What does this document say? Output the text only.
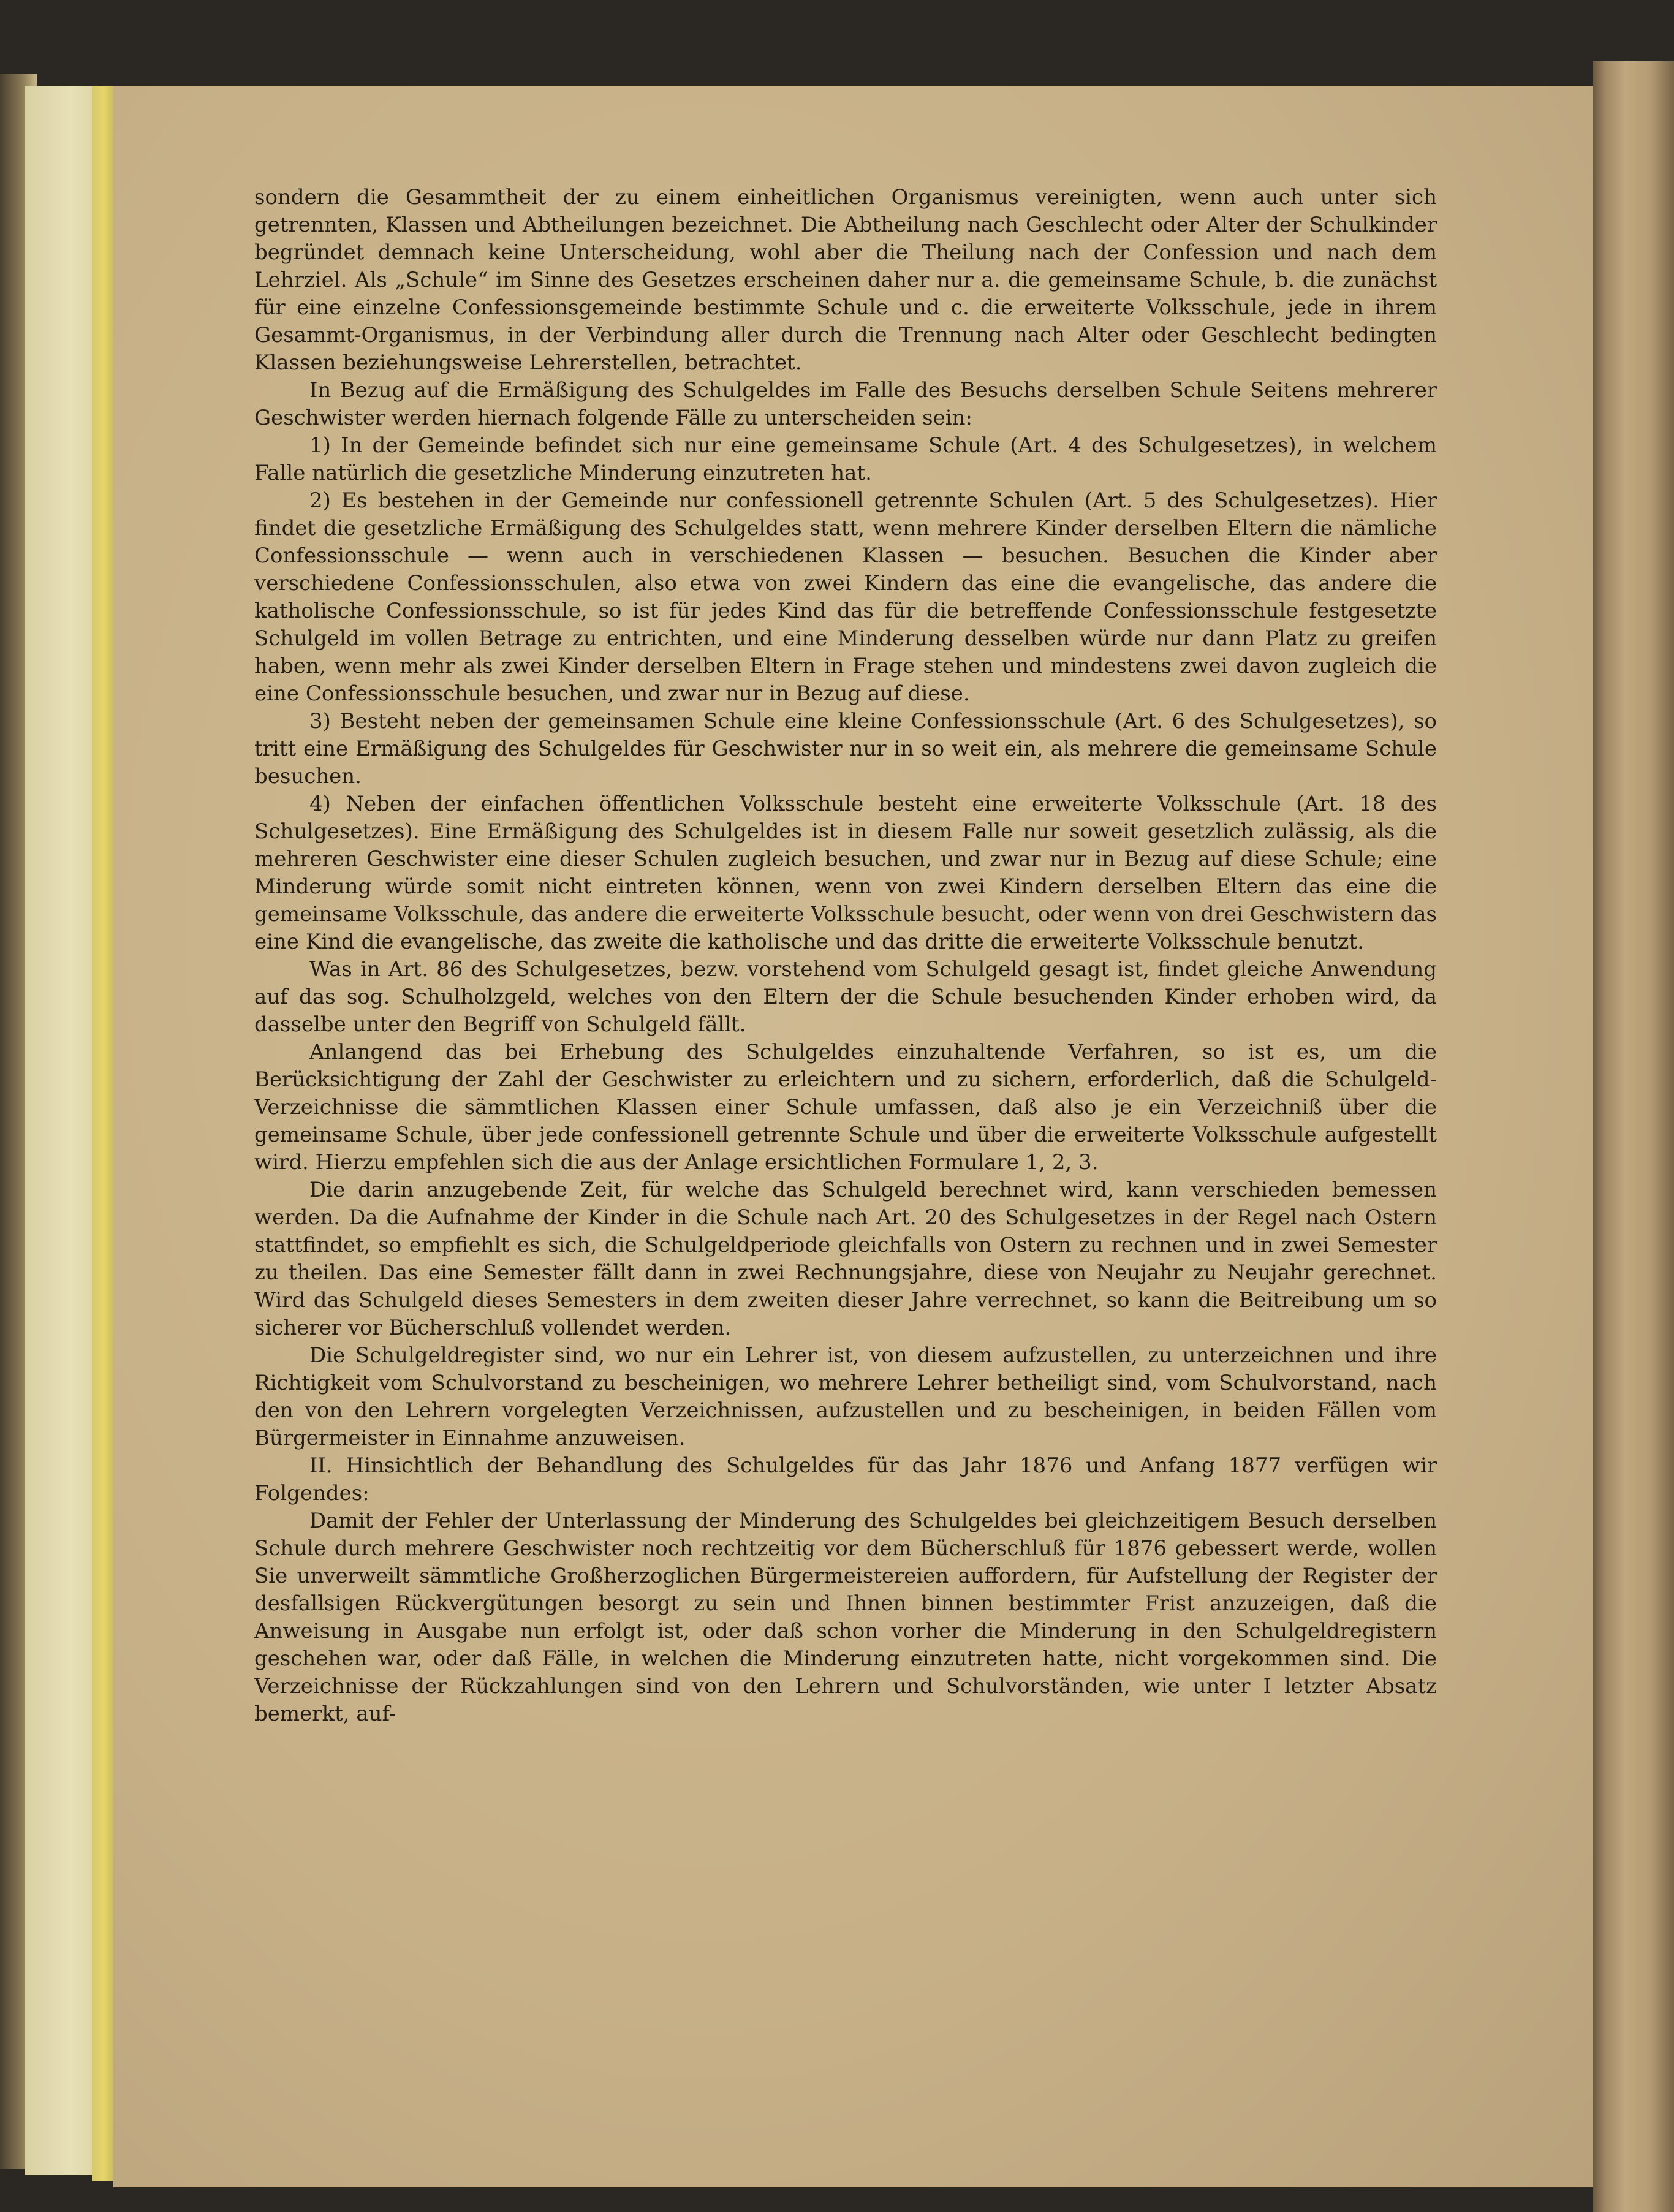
sondern die Gesammtheit der zu einem einheitlichen Organismus vereinigten, wenn auch unter sich getrennten, Klassen und Abtheilungen bezeichnet. Die Abtheilung nach Geschlecht oder Alter der Schulkinder begründet demnach keine Unterscheidung, wohl aber die Theilung nach der Confession und nach dem Lehrziel. Als „Schule“ im Sinne des Gesetzes erscheinen daher nur a. die gemeinsame Schule, b. die zunächst für eine einzelne Confessionsgemeinde bestimmte Schule und c. die erweiterte Volksschule, jede in ihrem Gesammt-Organismus, in der Verbindung aller durch die Trennung nach Alter oder Geschlecht bedingten Klassen beziehungsweise Lehrerstellen, betrachtet.

In Bezug auf die Ermäßigung des Schulgeldes im Falle des Besuchs derselben Schule Seitens mehrerer Geschwister werden hiernach folgende Fälle zu unterscheiden sein:

1) In der Gemeinde befindet sich nur eine gemeinsame Schule (Art. 4 des Schulgesetzes), in welchem Falle natürlich die gesetzliche Minderung einzutreten hat.

2) Es bestehen in der Gemeinde nur confessionell getrennte Schulen (Art. 5 des Schulgesetzes). Hier findet die gesetzliche Ermäßigung des Schulgeldes statt, wenn mehrere Kinder derselben Eltern die nämliche Confessionsschule — wenn auch in verschiedenen Klassen — besuchen. Besuchen die Kinder aber verschiedene Confessionsschulen, also etwa von zwei Kindern das eine die evangelische, das andere die katholische Confessionsschule, so ist für jedes Kind das für die betreffende Confessionsschule festgesetzte Schulgeld im vollen Betrage zu entrichten, und eine Minderung desselben würde nur dann Platz zu greifen haben, wenn mehr als zwei Kinder derselben Eltern in Frage stehen und mindestens zwei davon zugleich die eine Confessionsschule besuchen, und zwar nur in Bezug auf diese.

3) Besteht neben der gemeinsamen Schule eine kleine Confessionsschule (Art. 6 des Schulgesetzes), so tritt eine Ermäßigung des Schulgeldes für Geschwister nur in so weit ein, als mehrere die gemeinsame Schule besuchen.

4) Neben der einfachen öffentlichen Volksschule besteht eine erweiterte Volksschule (Art. 18 des Schulgesetzes). Eine Ermäßigung des Schulgeldes ist in diesem Falle nur soweit gesetzlich zulässig, als die mehreren Geschwister eine dieser Schulen zugleich besuchen, und zwar nur in Bezug auf diese Schule; eine Minderung würde somit nicht eintreten können, wenn von zwei Kindern derselben Eltern das eine die gemeinsame Volksschule, das andere die erweiterte Volksschule besucht, oder wenn von drei Geschwistern das eine Kind die evangelische, das zweite die katholische und das dritte die erweiterte Volksschule benutzt.

Was in Art. 86 des Schulgesetzes, bezw. vorstehend vom Schulgeld gesagt ist, findet gleiche Anwendung auf das sog. Schulholzgeld, welches von den Eltern der die Schule besuchenden Kinder erhoben wird, da dasselbe unter den Begriff von Schulgeld fällt.

Anlangend das bei Erhebung des Schulgeldes einzuhaltende Verfahren, so ist es, um die Berücksichtigung der Zahl der Geschwister zu erleichtern und zu sichern, erforderlich, daß die Schulgeld-Verzeichnisse die sämmtlichen Klassen einer Schule umfassen, daß also je ein Verzeichniß über die gemeinsame Schule, über jede confessionell getrennte Schule und über die erweiterte Volksschule aufgestellt wird. Hierzu empfehlen sich die aus der Anlage ersichtlichen Formulare 1, 2, 3.

Die darin anzugebende Zeit, für welche das Schulgeld berechnet wird, kann verschieden bemessen werden. Da die Aufnahme der Kinder in die Schule nach Art. 20 des Schulgesetzes in der Regel nach Ostern stattfindet, so empfiehlt es sich, die Schulgeldperiode gleichfalls von Ostern zu rechnen und in zwei Semester zu theilen. Das eine Semester fällt dann in zwei Rechnungsjahre, diese von Neujahr zu Neujahr gerechnet. Wird das Schulgeld dieses Semesters in dem zweiten dieser Jahre verrechnet, so kann die Beitreibung um so sicherer vor Bücherschluß vollendet werden.

Die Schulgeldregister sind, wo nur ein Lehrer ist, von diesem aufzustellen, zu unterzeichnen und ihre Richtigkeit vom Schulvorstand zu bescheinigen, wo mehrere Lehrer betheiligt sind, vom Schulvorstand, nach den von den Lehrern vorgelegten Verzeichnissen, aufzustellen und zu bescheinigen, in beiden Fällen vom Bürgermeister in Einnahme anzuweisen.

II. Hinsichtlich der Behandlung des Schulgeldes für das Jahr 1876 und Anfang 1877 verfügen wir Folgendes:

Damit der Fehler der Unterlassung der Minderung des Schulgeldes bei gleichzeitigem Besuch derselben Schule durch mehrere Geschwister noch rechtzeitig vor dem Bücherschluß für 1876 gebessert werde, wollen Sie unverweilt sämmtliche Großherzoglichen Bürgermeistereien auffordern, für Aufstellung der Register der desfallsigen Rückvergütungen besorgt zu sein und Ihnen binnen bestimmter Frist anzuzeigen, daß die Anweisung in Ausgabe nun erfolgt ist, oder daß schon vorher die Minderung in den Schulgeldregistern geschehen war, oder daß Fälle, in welchen die Minderung einzutreten hatte, nicht vorgekommen sind. Die Verzeichnisse der Rückzahlungen sind von den Lehrern und Schulvorständen, wie unter I letzter Absatz bemerkt, auf-
